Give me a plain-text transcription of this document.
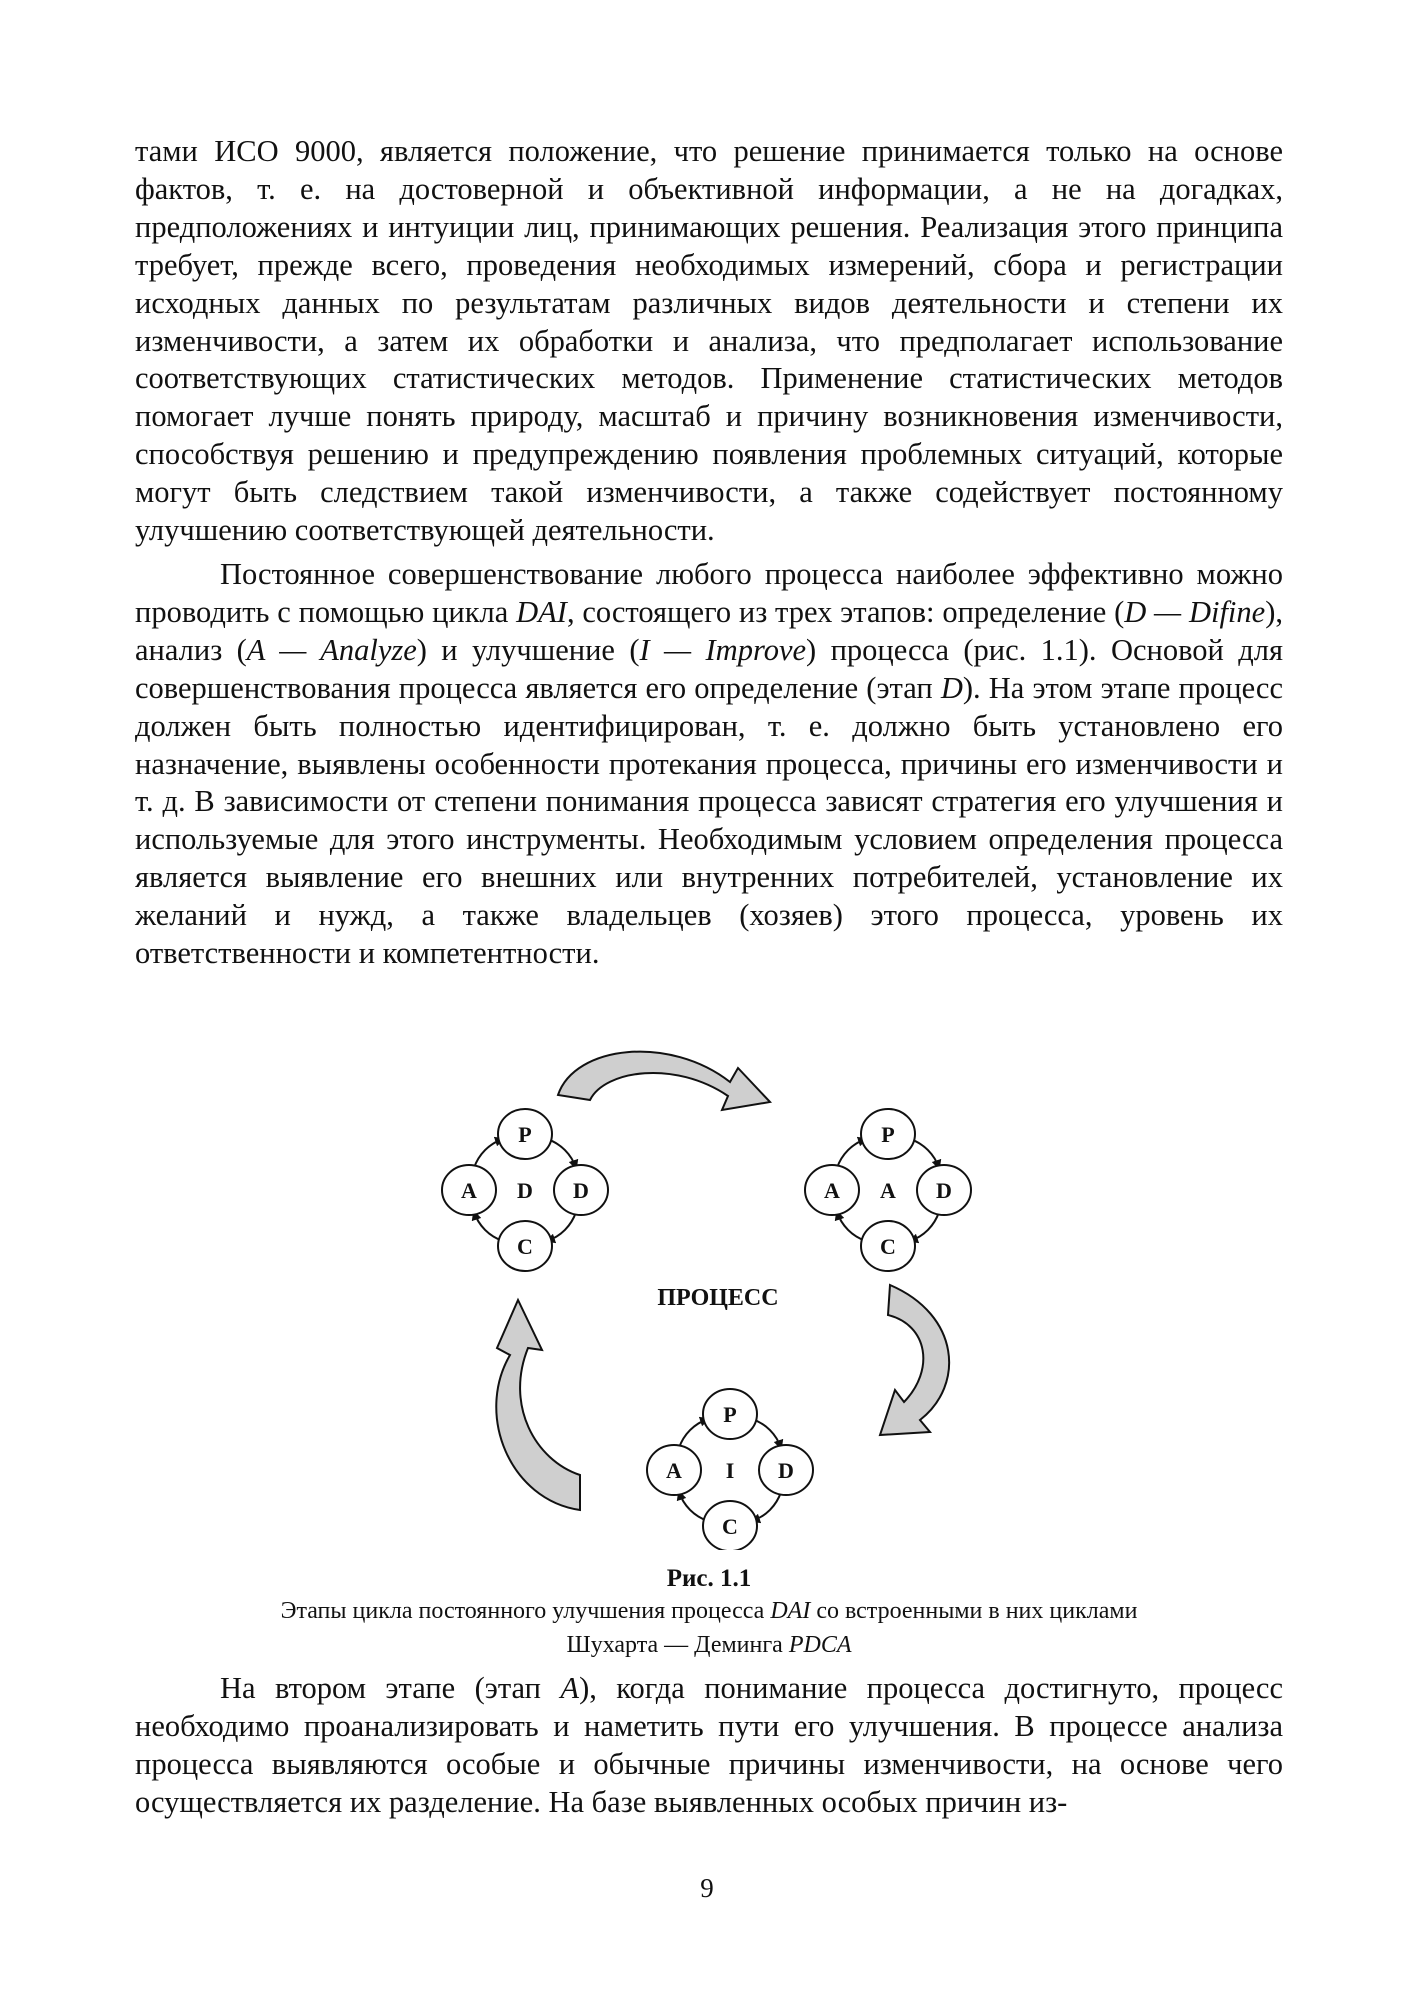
тами ИСО 9000, является положение, что решение принимается только на основе фактов, т. е. на достоверной и объективной информации, а не на догадках, предположениях и интуиции лиц, принимающих решения. Реализация этого принципа требует, прежде всего, проведения необходимых измерений, сбора и регистрации исходных данных по результатам различных видов деятельности и степени их изменчивости, а затем их обработки и анализа, что предполагает использование соответствующих статистических методов. Применение статистических методов помогает лучше понять природу, масштаб и причину возникновения изменчивости, способствуя решению и предупреждению появления проблемных ситуаций, которые могут быть следствием такой изменчивости, а также содействует постоянному улучшению соответствующей деятельности.

Постоянное совершенствование любого процесса наиболее эффективно можно проводить с помощью цикла DAI, состоящего из трех этапов: определение (D — Difine), анализ (A — Analyze) и улучшение (I — Improve) процесса (рис. 1.1). Основой для совершенствования процесса является его определение (этап D). На этом этапе процесс должен быть полностью идентифицирован, т. е. должно быть установлено его назначение, выявлены особенности протекания процесса, причины его изменчивости и т. д. В зависимости от степени понимания процесса зависят стратегия его улучшения и используемые для этого инструменты. Необходимым условием определения процесса является выявление его внешних или внутренних потребителей, установление их желаний и нужд, а также владельцев (хозяев) этого процесса, уровень их ответственности и компетентности.

P
D
C
A D
P
D
C
A A
P
D
C
A I
ПРОЦЕСС
Рис. 1.1
Этапы цикла постоянного улучшения процесса DAI со встроенными в них циклами
Шухарта — Деминга PDCA

На втором этапе (этап A), когда понимание процесса достигнуто, процесс необходимо проанализировать и наметить пути его улучшения. В процессе анализа процесса выявляются особые и обычные причины изменчивости, на основе чего осуществляется их разделение. На базе выявленных особых причин из-

9
